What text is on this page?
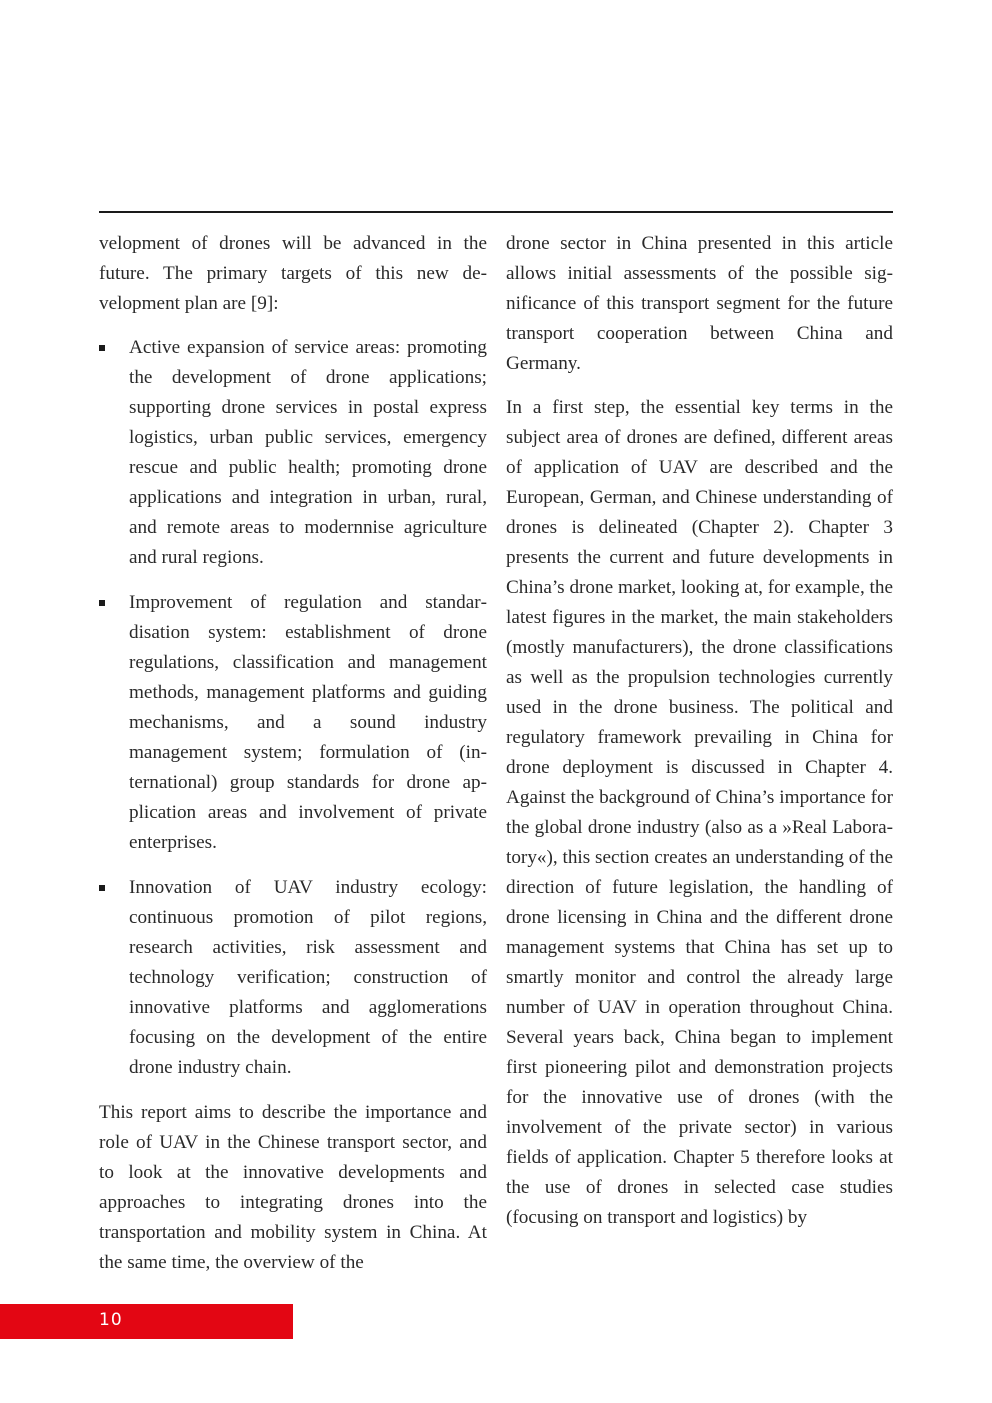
velopment of drones will be advanced in the future. The primary targets of this new development plan are [9]:

Active expansion of service areas: promoting the development of drone applications; supporting drone services in postal express logistics, urban public services, emergency rescue and public health; promoting drone applications and integration in urban, rural, and remote areas to modernnise agriculture and rural regions.
Improvement of regulation and standardisation system: establishment of drone regulations, classification and management methods, management platforms and guiding mechanisms, and a sound industry management system; formulation of (international) group standards for drone application areas and involvement of private enterprises.
Innovation of UAV industry ecology: continuous promotion of pilot regions, research activities, risk assessment and technology verification; construction of innovative platforms and agglomerations focusing on the development of the entire drone industry chain.

This report aims to describe the importance and role of UAV in the Chinese transport sector, and to look at the innovative developments and approaches to integrating drones into the transportation and mobility system in China. At the same time, the overview of the

drone sector in China presented in this article allows initial assessments of the possible significance of this transport segment for the future transport cooperation between China and Germany.

In a first step, the essential key terms in the subject area of drones are defined, different areas of application of UAV are described and the European, German, and Chinese understanding of drones is delineated (Chapter 2). Chapter 3 presents the current and future developments in China’s drone market, looking at, for example, the latest figures in the market, the main stakeholders (mostly manufacturers), the drone classifications as well as the propulsion technologies currently used in the drone business. The political and regulatory framework prevailing in China for drone deployment is discussed in Chapter 4. Against the background of China’s importance for the global drone industry (also as a »Real Laboratory«), this section creates an understanding of the direction of future legislation, the handling of drone licensing in China and the different drone management systems that China has set up to smartly monitor and control the already large number of UAV in operation throughout China. Several years back, China began to implement first pioneering pilot and demonstration projects for the innovative use of drones (with the involvement of the private sector) in various fields of application. Chapter 5 therefore looks at the use of drones in selected case studies (focusing on transport and logistics) by

10
